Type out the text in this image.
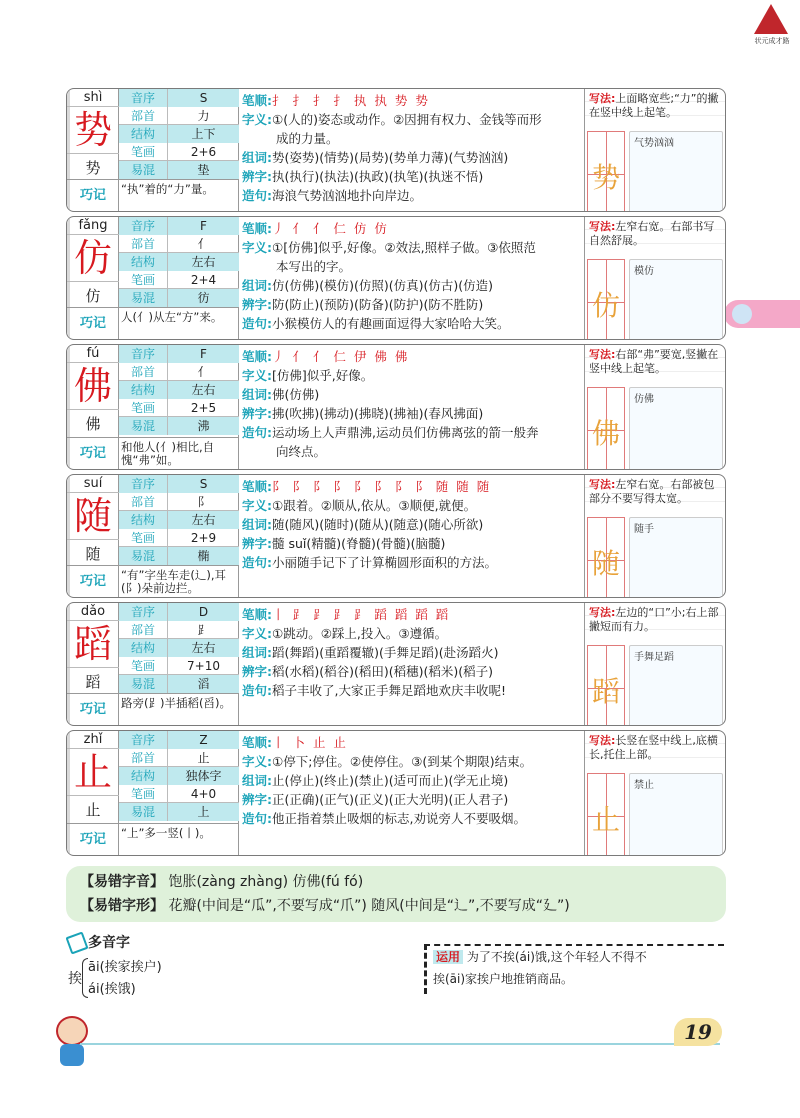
状元成才路
shì
势
势
巧记
音序	S
部首	力
结构	上下
笔画	2+6
易混	垫
“执”着的“力”量。
笔顺:扌 扌 扌 扌 执 执 势 势
字义:①(人的)姿态或动作。②因拥有权力、金钱等而形
成的力量。
组词:势(姿势)(情势)(局势)(势单力薄)(气势汹汹)
辨字:执(执行)(执法)(执政)(执笔)(执迷不悟)
造句:海浪气势汹汹地扑向岸边。
写法:上面略宽些;“力”的撇在竖中线上起笔。
势
气势汹汹
fǎng
仿
仿
巧记
音序	F
部首	亻
结构	左右
笔画	2+4
易混	彷
人(亻)从左“方”来。
笔顺:丿 亻 亻 仁 仿 仿
字义:①[仿佛]似乎,好像。②效法,照样子做。③依照范
本写出的字。
组词:仿(仿佛)(模仿)(仿照)(仿真)(仿古)(仿造)
辨字:防(防止)(预防)(防备)(防护)(防不胜防)
造句:小猴模仿人的有趣画面逗得大家哈哈大笑。
写法:左窄右宽。右部书写自然舒展。
仿
模仿
fú
佛
佛
巧记
音序	F
部首	亻
结构	左右
笔画	2+5
易混	沸
和他人(亻)相比,自愧“弗”如。
笔顺:丿 亻 亻 仁 伊 佛 佛
字义:[仿佛]似乎,好像。
组词:佛(仿佛)
辨字:拂(吹拂)(拂动)(拂晓)(拂袖)(春风拂面)
造句:运动场上人声鼎沸,运动员们仿佛离弦的箭一般奔
向终点。
写法:右部“弗”要宽,竖撇在竖中线上起笔。
佛
仿佛
suí
随
随
巧记
音序	S
部首	阝
结构	左右
笔画	2+9
易混	椭
“有”字坐车走(辶),耳(阝)朵前边拦。
笔顺:阝 阝 阝 阝 阝 阝 阝 阝 随 随 随
字义:①跟着。②顺从,依从。③顺便,就便。
组词:随(随风)(随时)(随从)(随意)(随心所欲)
辨字:髓 suǐ(精髓)(脊髓)(骨髓)(脑髓)
造句:小丽随手记下了计算椭圆形面积的方法。
写法:左窄右宽。右部被包部分不要写得太宽。
随
随手
dǎo
蹈
蹈
巧记
音序	D
部首	⻊
结构	左右
笔画	7+10
易混	滔
路旁(⻊)半插稻(舀)。
笔顺:丨 ⻊ ⻊ ⻊ ⻊ 蹈 蹈 蹈 蹈
字义:①跳动。②踩上,投入。③遵循。
组词:蹈(舞蹈)(重蹈覆辙)(手舞足蹈)(赴汤蹈火)
辨字:稻(水稻)(稻谷)(稻田)(稻穗)(稻米)(稻子)
造句:稻子丰收了,大家正手舞足蹈地欢庆丰收呢!
写法:左边的“口”小;右上部撇短而有力。
蹈
手舞足蹈
zhǐ
止
止
巧记
音序	Z
部首	止
结构	独体字
笔画	4+0
易混	上
“上”多一竖(丨)。
笔顺:丨 卜 止 止
字义:①停下;停住。②使停住。③(到某个期限)结束。
组词:止(停止)(终止)(禁止)(适可而止)(学无止境)
辨字:正(正确)(正气)(正义)(正大光明)(正人君子)
造句:他正指着禁止吸烟的标志,劝说旁人不要吸烟。
写法:长竖在竖中线上,底横长,托住上部。
止
禁止
【易错字音】 饱胀(zàng zhàng) 仿佛(fú fó)
【易错字形】 花瓣(中间是“瓜”,不要写成“爪”) 随风(中间是“辶”,不要写成“廴”)
多音字
挨
āi(挨家挨户)
ái(挨饿)
运用 为了不挨(ái)饿,这个年轻人不得不
挨(āi)家挨户地推销商品。
19
